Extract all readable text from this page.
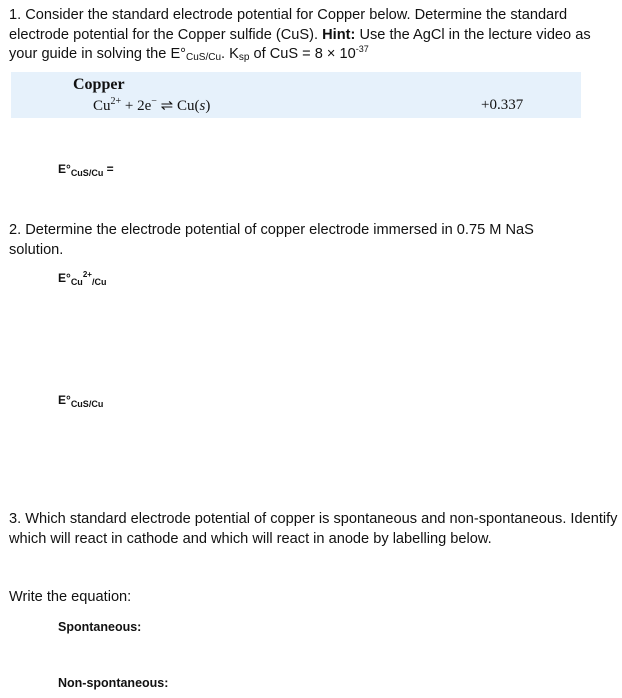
1. Consider the standard electrode potential for Copper below. Determine the standard electrode potential for the Copper sulfide (CuS). Hint: Use the AgCl in the lecture video as your guide in solving the E°CuS/Cu. Ksp of CuS = $8 \times 10^{-37}$
Copper
$Cu^{2+} + 2e^-$ ⇌ Cu(s)	+0.337
$E^\circ_{CuS/Cu}$ =
2. Determine the electrode potential of copper electrode immersed in 0.75 M NaS solution.
$E^\circ_{Cu}^{2+}_{/Cu}$
$E^\circ_{CuS/Cu}$
3. Which standard electrode potential of copper is spontaneous and non-spontaneous. Identify which will react in cathode and which will react in anode by labelling below.
Write the equation:
Spontaneous:
Non-spontaneous:
